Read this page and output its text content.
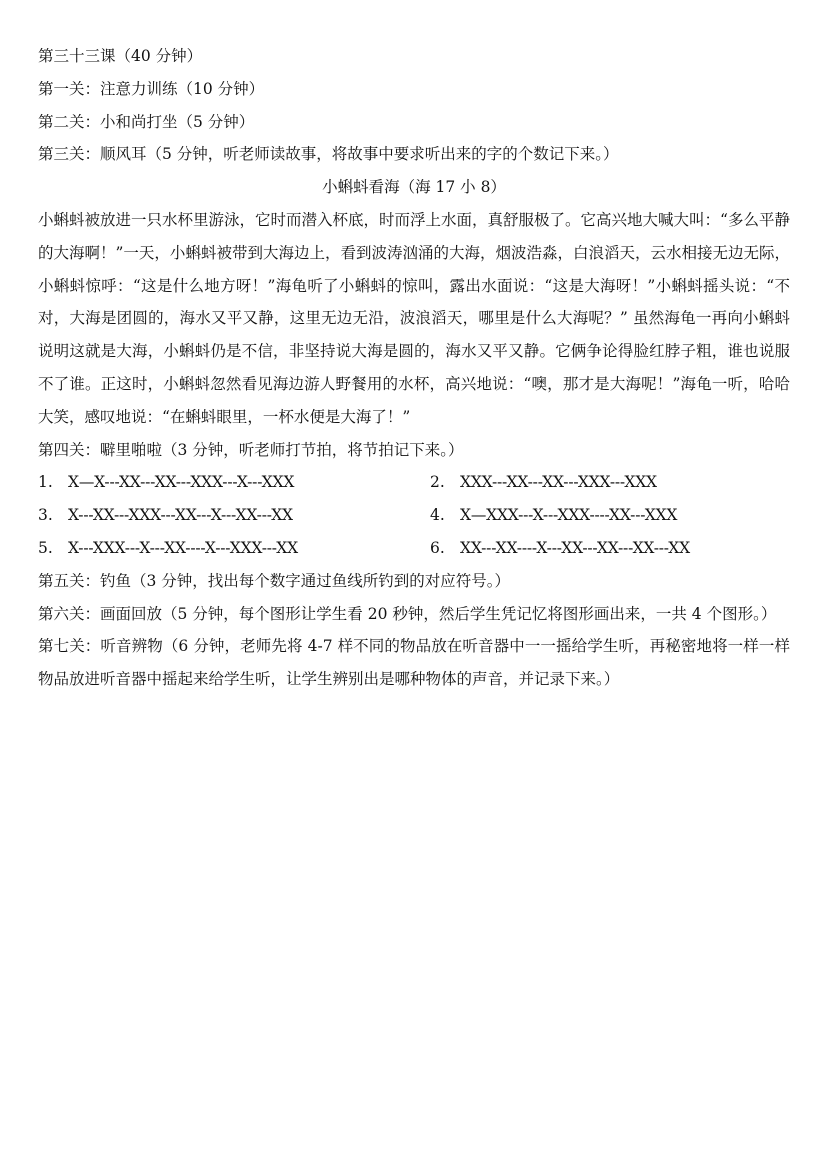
第三十三课（40 分钟）
第一关：注意力训练（10 分钟）
第二关：小和尚打坐（5 分钟）
第三关：顺风耳（5 分钟，听老师读故事，将故事中要求听出来的字的个数记下来。）
小蝌蚪看海（海 17 小 8）
小蝌蚪被放进一只水杯里游泳，它时而潜入杯底，时而浮上水面，真舒服极了。它高兴地大喊大叫：“多么平静的大海啊！”一天，小蝌蚪被带到大海边上，看到波涛汹涌的大海，烟波浩淼，白浪滔天，云水相接无边无际，小蝌蚪惊呼：“这是什么地方呀！”海龟听了小蝌蚪的惊叫，露出水面说：“这是大海呀！”小蝌蚪摇头说：“不对，大海是团圆的，海水又平又静，这里无边无沿，波浪滔天，哪里是什么大海呢？” 虽然海龟一再向小蝌蚪说明这就是大海，小蝌蚪仍是不信，非坚持说大海是圆的，海水又平又静。它俩争论得脸红脖子粗，谁也说服不了谁。正这时，小蝌蚪忽然看见海边游人野餐用的水杯，高兴地说：“噢，那才是大海呢！”海龟一听，哈哈大笑，感叹地说：“在蝌蚪眼里，一杯水便是大海了！”
第四关：噼里啪啦（3 分钟，听老师打节拍，将节拍记下来。）
1. X—X---XX---XX---XXX---X---XXX	2. XXX---XX---XX---XXX---XXX
3. X---XX---XXX---XX---X---XX---XX	4. X—XXX---X---XXX----XX---XXX
5. X---XXX---X---XX----X---XXX---XX	6. XX---XX----X---XX---XX---XX---XX
第五关：钓鱼（3 分钟，找出每个数字通过鱼线所钓到的对应符号。）
第六关：画面回放（5 分钟，每个图形让学生看 20 秒钟，然后学生凭记忆将图形画出来，一共 4 个图形。）
第七关：听音辨物（6 分钟，老师先将 4-7 样不同的物品放在听音器中一一摇给学生听，再秘密地将一样一样物品放进听音器中摇起来给学生听，让学生辨别出是哪种物体的声音，并记录下来。）
